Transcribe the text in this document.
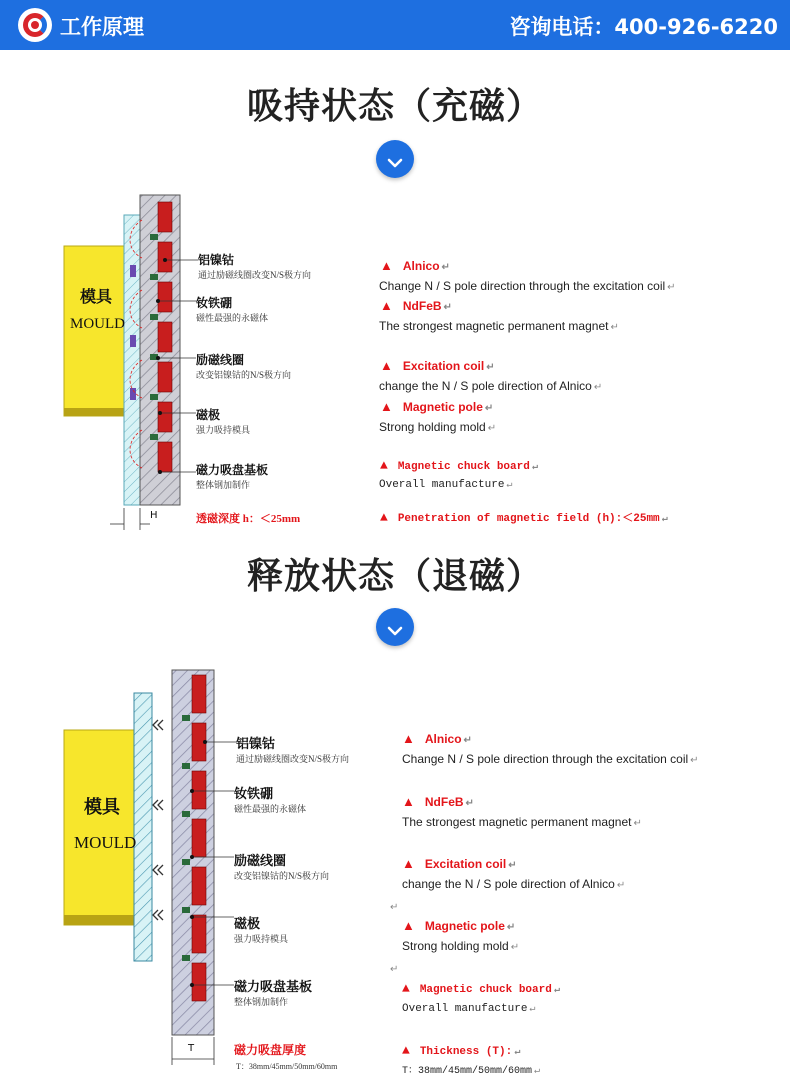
工作原理	咨询电话：400-926-6220
吸持状态（充磁）
模具
MOULD
H	透磁深度 h：＜25mm
铝镍钴
通过励磁线圈改变N/S极方向
钕铁硼
磁性最强的永磁体
励磁线圈
改变铝镍钴的N/S极方向
磁极
强力吸持模具
磁力吸盘基板
整体钢加制作
▲ Alnico ↵
Change N / S pole direction through the excitation coil ↵
▲ NdFeB ↵
The strongest magnetic permanent magnet ↵
▲ Excitation coil ↵
change the N / S pole direction of Alnico ↵
▲ Magnetic pole ↵
Strong holding mold ↵
▲ Magnetic chuck board ↵
Overall manufacture ↵
▲ Penetration of magnetic field (h):＜25mm ↵
释放状态（退磁）
模具
MOULD
T	磁力吸盘厚度
T：38mm/45mm/50mm/60mm
铝镍钴
通过励磁线圈改变N/S极方向
钕铁硼
磁性最强的永磁体
励磁线圈
改变铝镍钴的N/S极方向
磁极
强力吸持模具
磁力吸盘基板
整体钢加制作
▲ Alnico ↵
Change N / S pole direction through the excitation coil ↵
▲ NdFeB ↵
The strongest magnetic permanent magnet ↵
▲ Excitation coil ↵
change the N / S pole direction of Alnico ↵
↵
▲ Magnetic pole ↵
Strong holding mold ↵
↵
▲ Magnetic chuck board ↵
Overall manufacture ↵
▲ Thickness (T): ↵
T：38mm/45mm/50mm/60mm ↵
